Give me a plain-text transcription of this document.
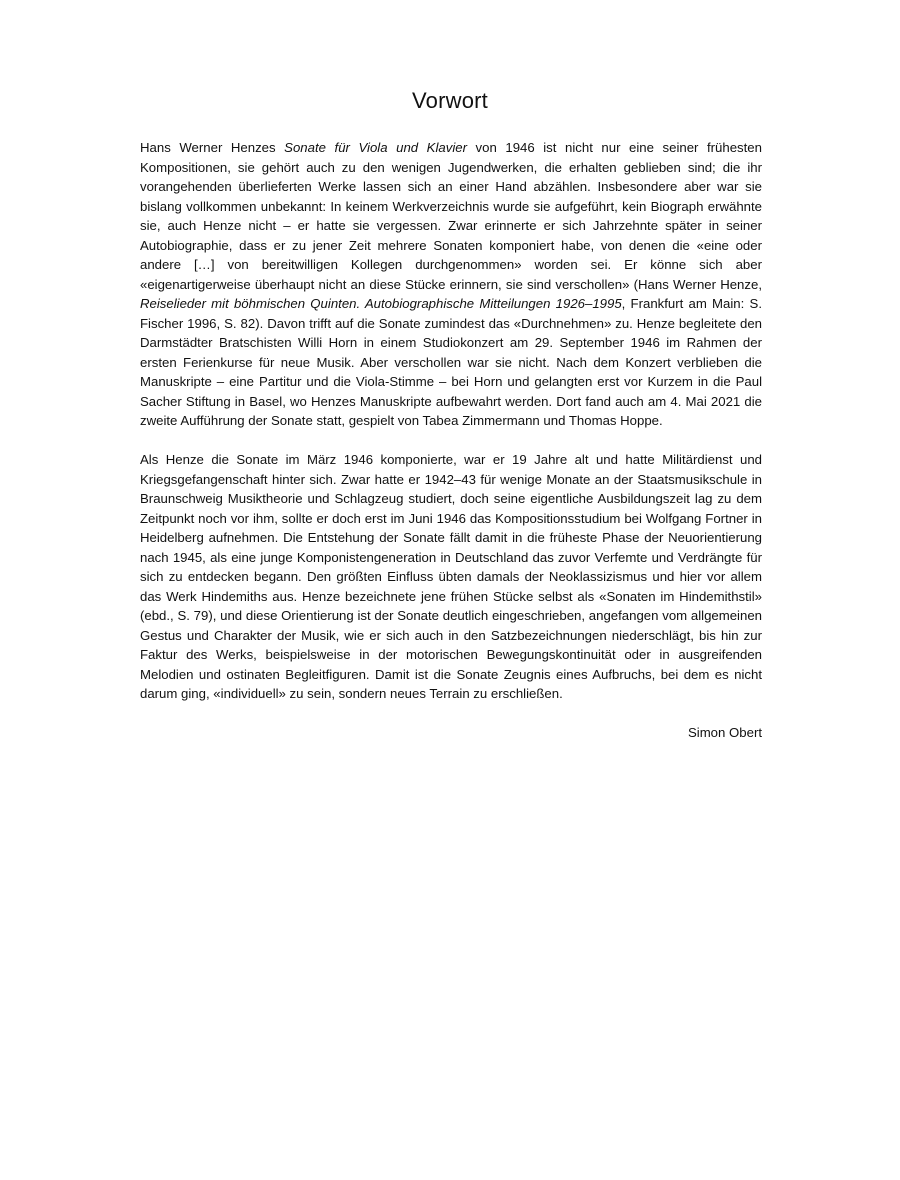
Vorwort

Hans Werner Henzes Sonate für Viola und Klavier von 1946 ist nicht nur eine seiner frühesten Kompositionen, sie gehört auch zu den wenigen Jugendwerken, die erhalten geblieben sind; die ihr vorangehenden überlieferten Werke lassen sich an einer Hand abzählen. Insbesondere aber war sie bislang vollkommen unbekannt: In keinem Werkverzeichnis wurde sie aufgeführt, kein Biograph erwähnte sie, auch Henze nicht – er hatte sie vergessen. Zwar erinnerte er sich Jahrzehnte später in seiner Autobiographie, dass er zu jener Zeit mehrere Sonaten komponiert habe, von denen die «eine oder andere […] von bereitwilligen Kollegen durchgenommen» worden sei. Er könne sich aber «eigenartigerweise überhaupt nicht an diese Stücke erinnern, sie sind verschollen» (Hans Werner Henze, Reiselieder mit böhmischen Quinten. Autobiographische Mitteilungen 1926–1995, Frankfurt am Main: S. Fischer 1996, S. 82). Davon trifft auf die Sonate zumindest das «Durchnehmen» zu. Henze begleitete den Darmstädter Bratschisten Willi Horn in einem Studiokonzert am 29. September 1946 im Rahmen der ersten Ferienkurse für neue Musik. Aber verschollen war sie nicht. Nach dem Konzert verblieben die Manuskripte – eine Partitur und die Viola-Stimme – bei Horn und gelangten erst vor Kurzem in die Paul Sacher Stiftung in Basel, wo Henzes Manuskripte aufbewahrt werden. Dort fand auch am 4. Mai 2021 die zweite Aufführung der Sonate statt, gespielt von Tabea Zimmermann und Thomas Hoppe.

Als Henze die Sonate im März 1946 komponierte, war er 19 Jahre alt und hatte Militärdienst und Kriegsgefangenschaft hinter sich. Zwar hatte er 1942–43 für wenige Monate an der Staatsmusikschule in Braunschweig Musiktheorie und Schlagzeug studiert, doch seine eigentliche Ausbildungszeit lag zu dem Zeitpunkt noch vor ihm, sollte er doch erst im Juni 1946 das Kompositionsstudium bei Wolfgang Fortner in Heidelberg aufnehmen. Die Entstehung der Sonate fällt damit in die früheste Phase der Neuorientierung nach 1945, als eine junge Komponistengeneration in Deutschland das zuvor Verfemte und Verdrängte für sich zu entdecken begann. Den größten Einfluss übten damals der Neoklassizismus und hier vor allem das Werk Hindemiths aus. Henze bezeichnete jene frühen Stücke selbst als «Sonaten im Hindemithstil» (ebd., S. 79), und diese Orientierung ist der Sonate deutlich eingeschrieben, angefangen vom allgemeinen Gestus und Charakter der Musik, wie er sich auch in den Satzbezeichnungen niederschlägt, bis hin zur Faktur des Werks, beispielsweise in der motorischen Bewegungskontinuität oder in ausgreifenden Melodien und ostinaten Begleitfiguren. Damit ist die Sonate Zeugnis eines Aufbruchs, bei dem es nicht darum ging, «individuell» zu sein, sondern neues Terrain zu erschließen.

Simon Obert
